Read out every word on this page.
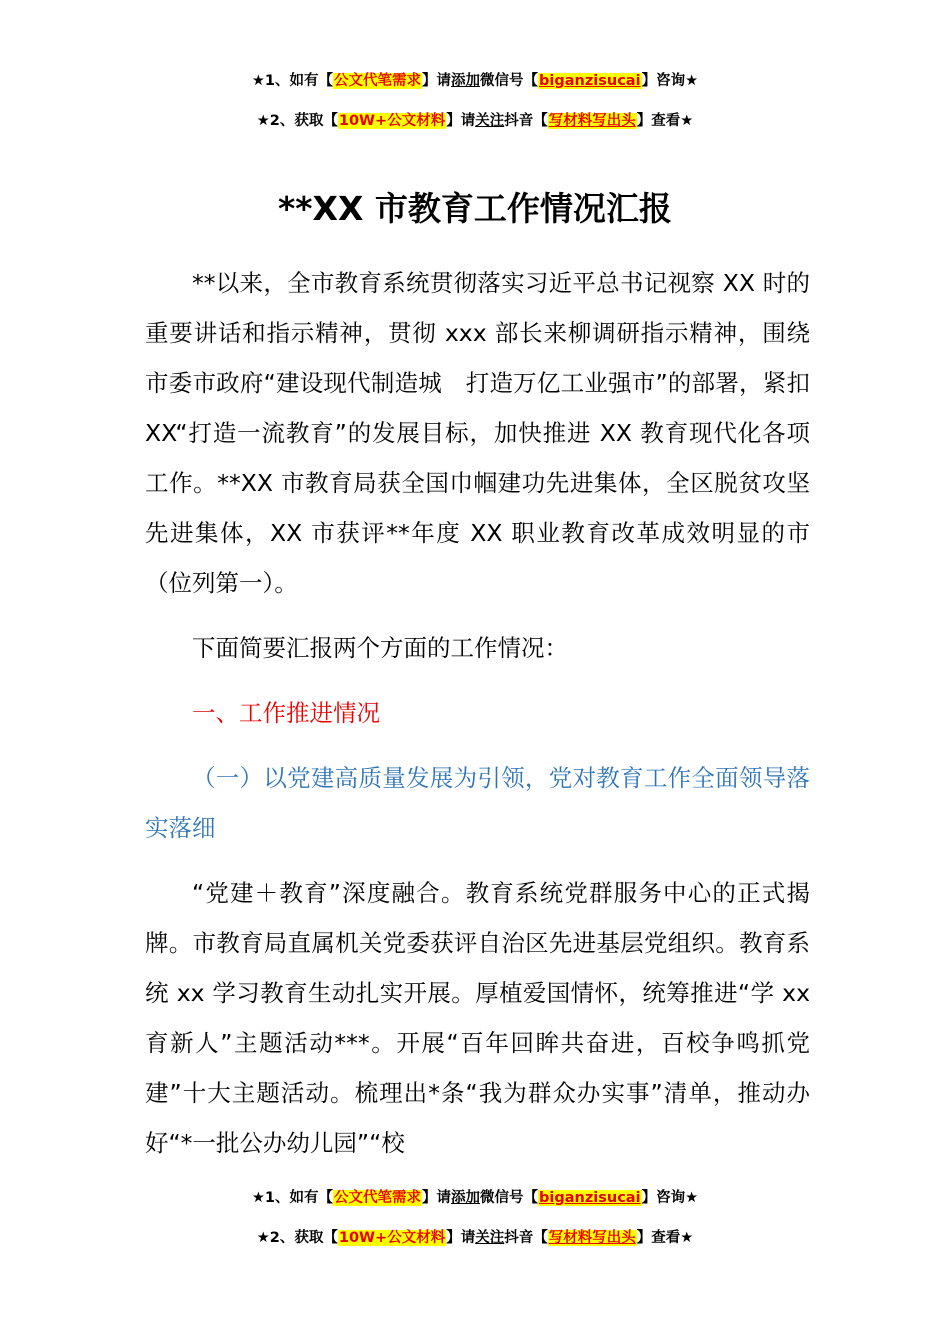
★1、如有【公文代笔需求】请添加微信号【biganzisucai】咨询★
★2、获取【10W+公文材料】请关注抖音【写材料写出头】查看★
**XX 市教育工作情况汇报

**以来，全市教育系统贯彻落实习近平总书记视察 XX 时的重要讲话和指示精神，贯彻 xxx 部长来柳调研指示精神，围绕市委市政府“建设现代制造城　打造万亿工业强市”的部署，紧扣 XX“打造一流教育”的发展目标，加快推进 XX 教育现代化各项工作。**XX 市教育局获全国巾帼建功先进集体，全区脱贫攻坚先进集体，XX 市获评**年度 XX 职业教育改革成效明显的市（位列第一）。

下面简要汇报两个方面的工作情况：

一、工作推进情况

（一）以党建高质量发展为引领，党对教育工作全面领导落实落细

“党建＋教育”深度融合。教育系统党群服务中心的正式揭牌。市教育局直属机关党委获评自治区先进基层党组织。教育系统 xx 学习教育生动扎实开展。厚植爱国情怀，统筹推进“学 xx 育新人”主题活动***。开展“百年回眸共奋进，百校争鸣抓党建”十大主题活动。梳理出*条“我为群众办实事”清单，推动办好“*一批公办幼儿园”“校

★1、如有【公文代笔需求】请添加微信号【biganzisucai】咨询★
★2、获取【10W+公文材料】请关注抖音【写材料写出头】查看★
